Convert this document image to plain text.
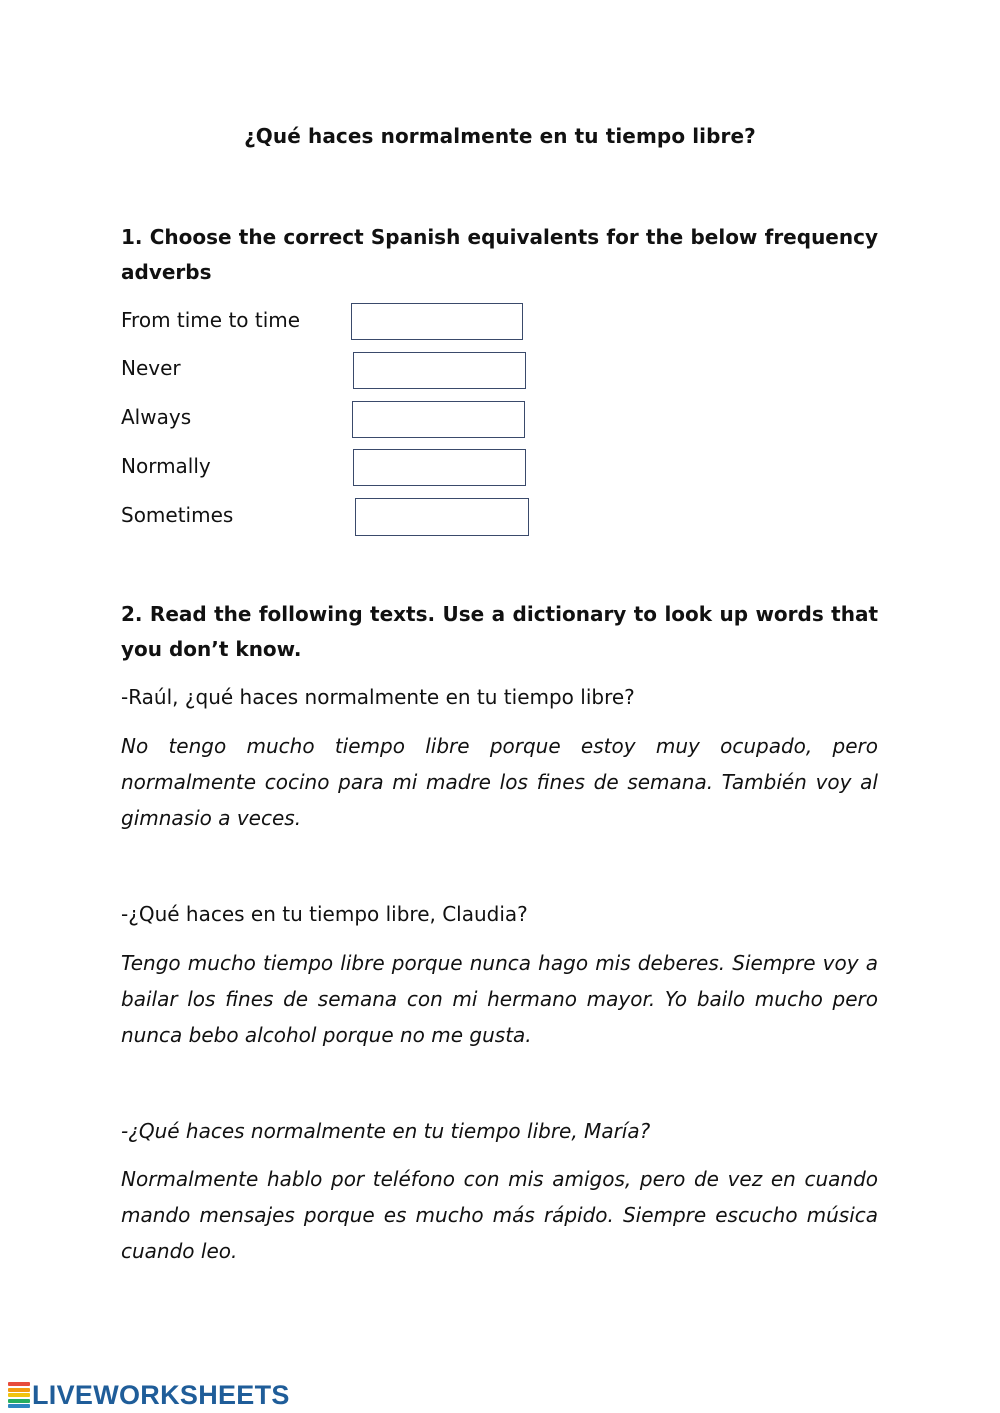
¿Qué haces normalmente en tu tiempo libre?
1. Choose the correct Spanish equivalents for the below frequency adverbs
From time to time
Never
Always
Normally
Sometimes
2. Read the following texts. Use a dictionary to look up words that you don’t know.
-Raúl, ¿qué haces normalmente en tu tiempo libre?
No tengo mucho tiempo libre porque estoy muy ocupado, pero normalmente cocino para mi madre los fines de semana. También voy al gimnasio a veces.
-¿Qué haces en tu tiempo libre, Claudia?
Tengo mucho tiempo libre porque nunca hago mis deberes. Siempre voy a bailar los fines de semana con mi hermano mayor. Yo bailo mucho pero nunca bebo alcohol porque no me gusta.
-¿Qué haces normalmente en tu tiempo libre, María?
Normalmente hablo por teléfono con mis amigos, pero de vez en cuando mando mensajes porque es mucho más rápido. Siempre escucho música cuando leo.
LIVEWORKSHEETS
